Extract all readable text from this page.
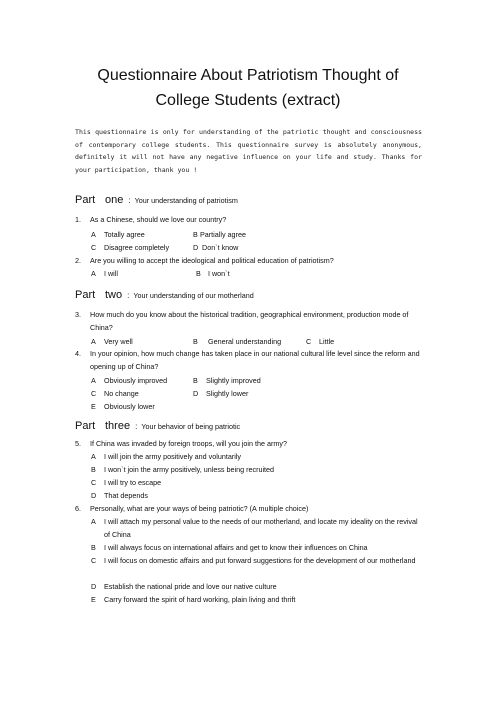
Questionnaire About Patriotism Thought of
College Students (extract)
This questionnaire is only for understanding of the patriotic thought and consciousness of contemporary college students. This questionnaire survey is absolutely anonymous, definitely it will not have any negative influence on your life and study. Thanks for your participation, thank you !
Part one : Your understanding of patriotism
1.	As a Chinese, should we love our country?
A Totally agree	B Partially agree
C Disagree completely	D Don`t know
2.	Are you willing to accept the ideological and political education of patriotism?
A I will	B I won`t
Part two : Your understanding of our motherland
3.	How much do you know about the historical tradition, geographical environment, production mode of China?
A Very well	B General understanding	C Little
4.	In your opinion, how much change has taken place in our national cultural life level since the reform and opening up of China?
A Obviously improved	B Slightly improved
C No change	D Slightly lower
E Obviously lower
Part three : Your behavior of being patriotic
5.	If China was invaded by foreign troops, will you join the army?
A I will join the army positively and voluntarily
B I won`t join the army positively, unless being recruited
C I will try to escape
D That depends
6.	Personally, what are your ways of being patriotic? (A multiple choice)
A	I will attach my personal value to the needs of our motherland, and locate my ideality on the revival of China
B	I will always focus on international affairs and get to know their influences on China
C	I will focus on domestic affairs and put forward suggestions for the development of our motherland
D	Establish the national pride and love our native culture
E	Carry forward the spirit of hard working, plain living and thrift
